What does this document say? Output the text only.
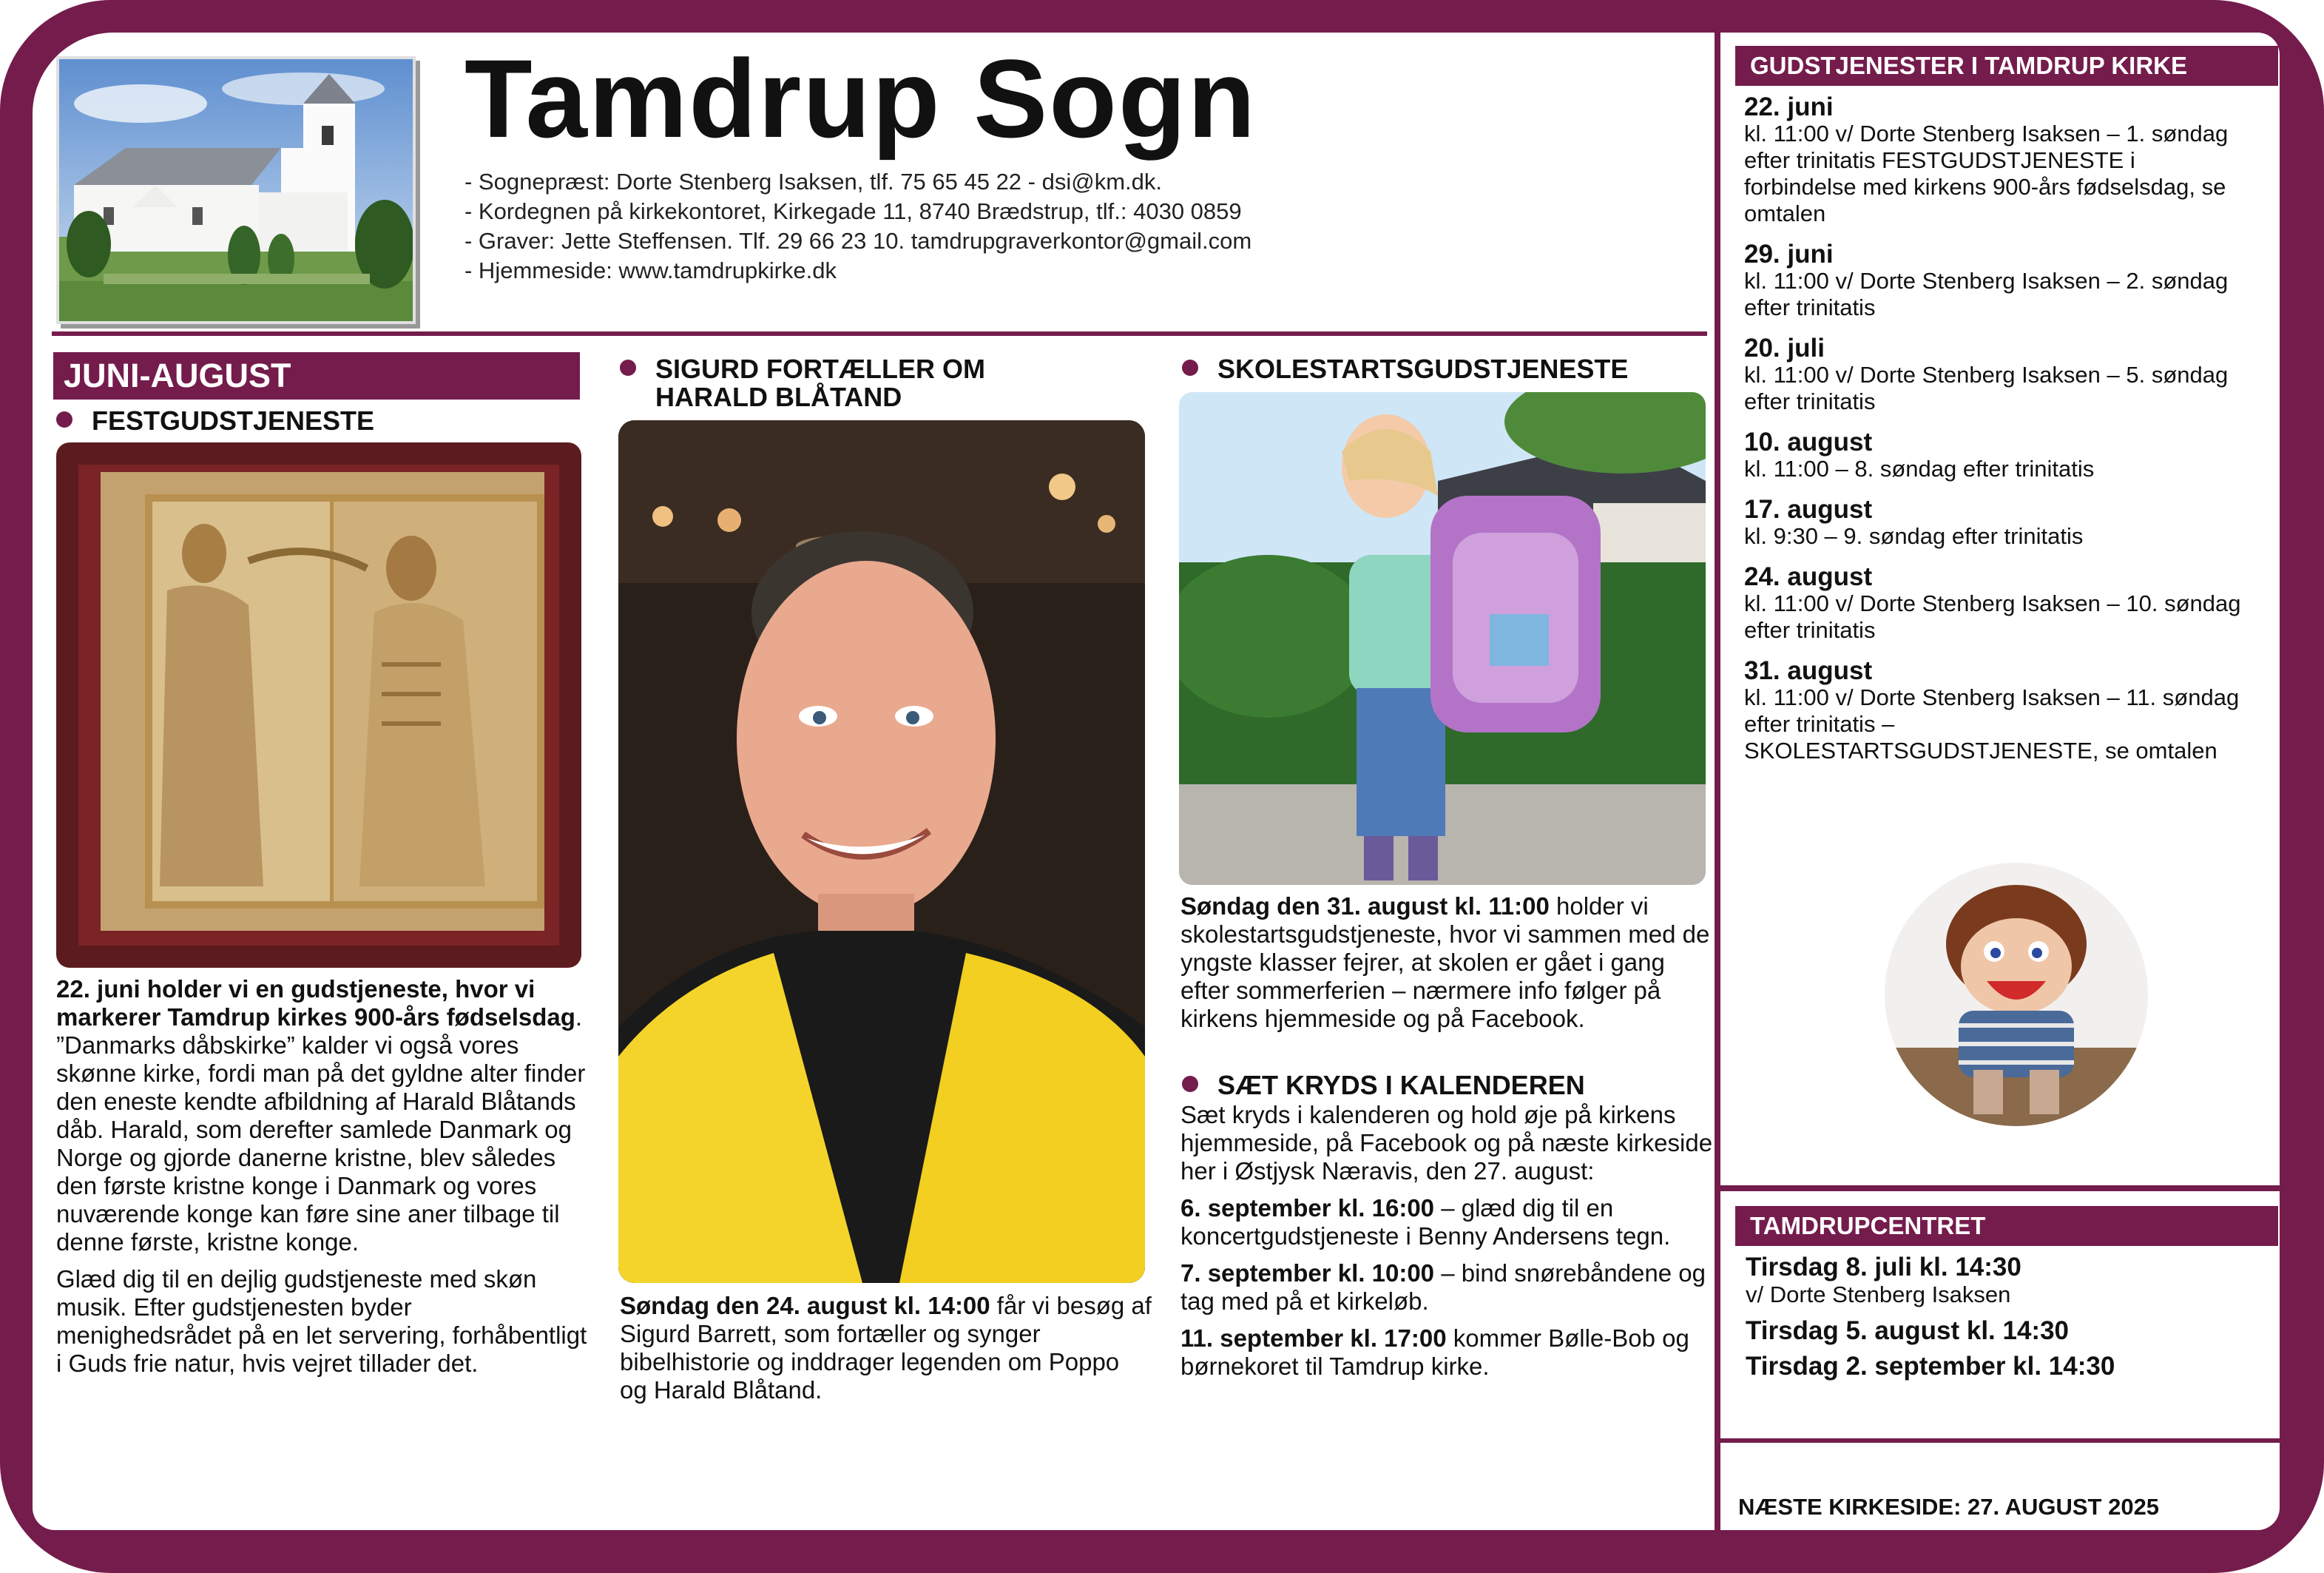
Tamdrup Sogn
- Sognepræst: Dorte Stenberg Isaksen, tlf. 75 65 45 22 - dsi@km.dk.
- Kordegnen på kirkekontoret, Kirkegade 11, 8740 Brædstrup, tlf.: 4030 0859
- Graver: Jette Steffensen. Tlf. 29 66 23 10. tamdrupgraverkontor@gmail.com
- Hjemmeside: www.tamdrupkirke.dk
JUNI-AUGUST
FESTGUDSTJENESTE

22. juni holder vi en gudstjeneste, hvor vi markerer Tamdrup kirkes 900-års fødselsdag. ”Danmarks dåbskirke” kalder vi også vores skønne kirke, fordi man på det gyldne alter finder den eneste kendte afbildning af Harald Blåtands dåb. Harald, som derefter samlede Danmark og Norge og gjorde danerne kristne, blev således den første kristne konge i Danmark og vores nuværende konge kan føre sine aner tilbage til denne første, kristne konge.

Glæd dig til en dejlig gudstjeneste med skøn musik. Efter gudstjenesten byder menighedsrådet på en let servering, forhåbentligt i Guds frie natur, hvis vejret tillader det.

SIGURD FORTÆLLER OM
HARALD BLÅTAND
Søndag den 24. august kl. 14:00 får vi besøg af Sigurd Barrett, som fortæller og synger bibelhistorie og inddrager legenden om Poppo og Harald Blåtand.
SKOLESTARTSGUDSTJENESTE
Søndag den 31. august kl. 11:00 holder vi skolestartsgudstjeneste, hvor vi sammen med de yngste klasser fejrer, at skolen er gået i gang efter sommerferien – nærmere info følger på kirkens hjemmeside og på Facebook.
SÆT KRYDS I KALENDEREN

Sæt kryds i kalenderen og hold øje på kirkens hjemmeside, på Facebook og på næste kirkeside her i Østjysk Næravis, den 27. august:

6. september kl. 16:00 – glæd dig til en koncertgudstjeneste i Benny Andersens tegn.

7. september kl. 10:00 – bind snørebåndene og tag med på et kirkeløb.

11. september kl. 17:00 kommer Bølle-Bob og børnekoret til Tamdrup kirke.

GUDSTJENESTER I TAMDRUP KIRKE

22. juni

kl. 11:00 v/ Dorte Stenberg Isaksen – 1. søndag efter trinitatis FESTGUDSTJENESTE i forbindelse med kirkens 900-års fødselsdag, se omtalen

29. juni

kl. 11:00 v/ Dorte Stenberg Isaksen – 2. søndag efter trinitatis

20. juli

kl. 11:00 v/ Dorte Stenberg Isaksen – 5. søndag efter trinitatis

10. august

kl. 11:00 – 8. søndag efter trinitatis

17. august

kl. 9:30 – 9. søndag efter trinitatis

24. august

kl. 11:00 v/ Dorte Stenberg Isaksen – 10. søndag efter trinitatis

31. august

kl. 11:00 v/ Dorte Stenberg Isaksen – 11. søndag efter trinitatis – SKOLESTARTSGUDSTJENESTE, se omtalen

TAMDRUPCENTRET

Tirsdag 8. juli kl. 14:30

v/ Dorte Stenberg Isaksen

Tirsdag 5. august kl. 14:30

Tirsdag 2. september kl. 14:30

NÆSTE KIRKESIDE: 27. AUGUST 2025
